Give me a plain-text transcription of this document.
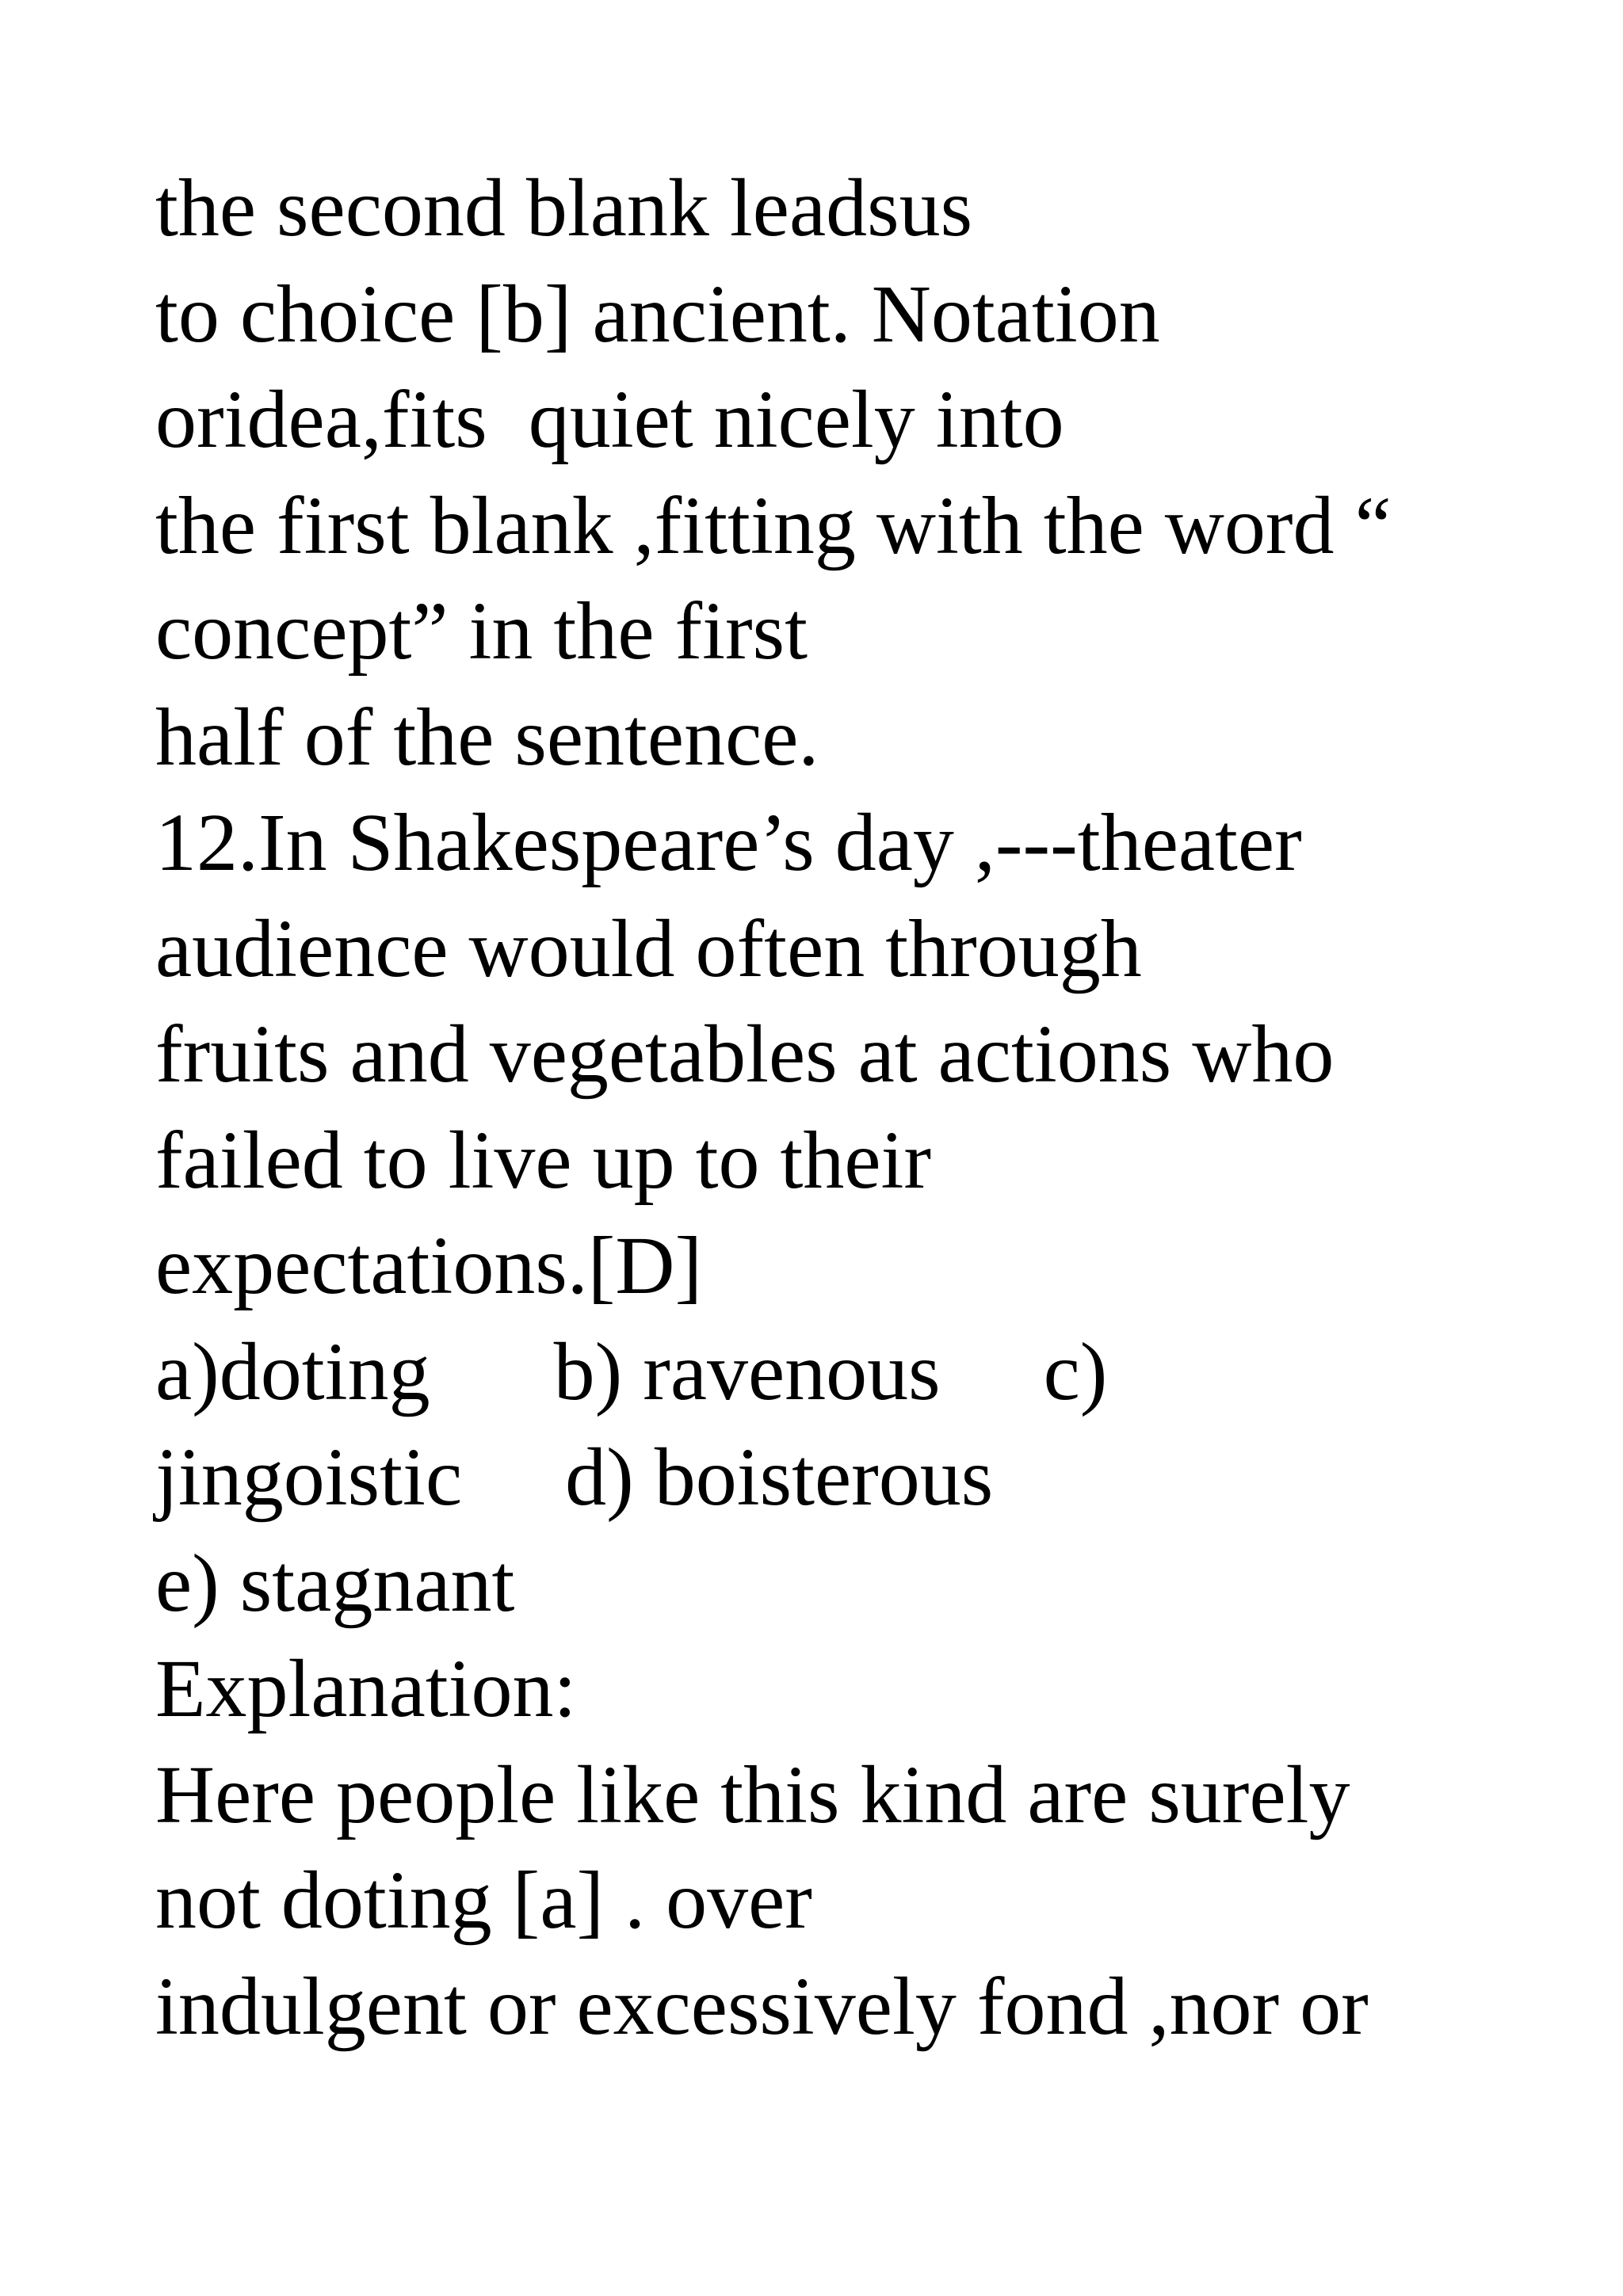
the second blank leadsus

to choice [b] ancient. Notation

oridea,fits  quiet nicely into

the first blank ,fitting with the word “

concept” in the first

half of the sentence.

12.In Shakespeare’s day ,---theater

audience would often through

fruits and vegetables at actions who

failed to live up to their

expectations.[D]

a)doting      b) ravenous     c)

jingoistic     d) boisterous

e) stagnant

Explanation:

Here people like this kind are surely

not doting [a] . over

indulgent or excessively fond ,nor or
